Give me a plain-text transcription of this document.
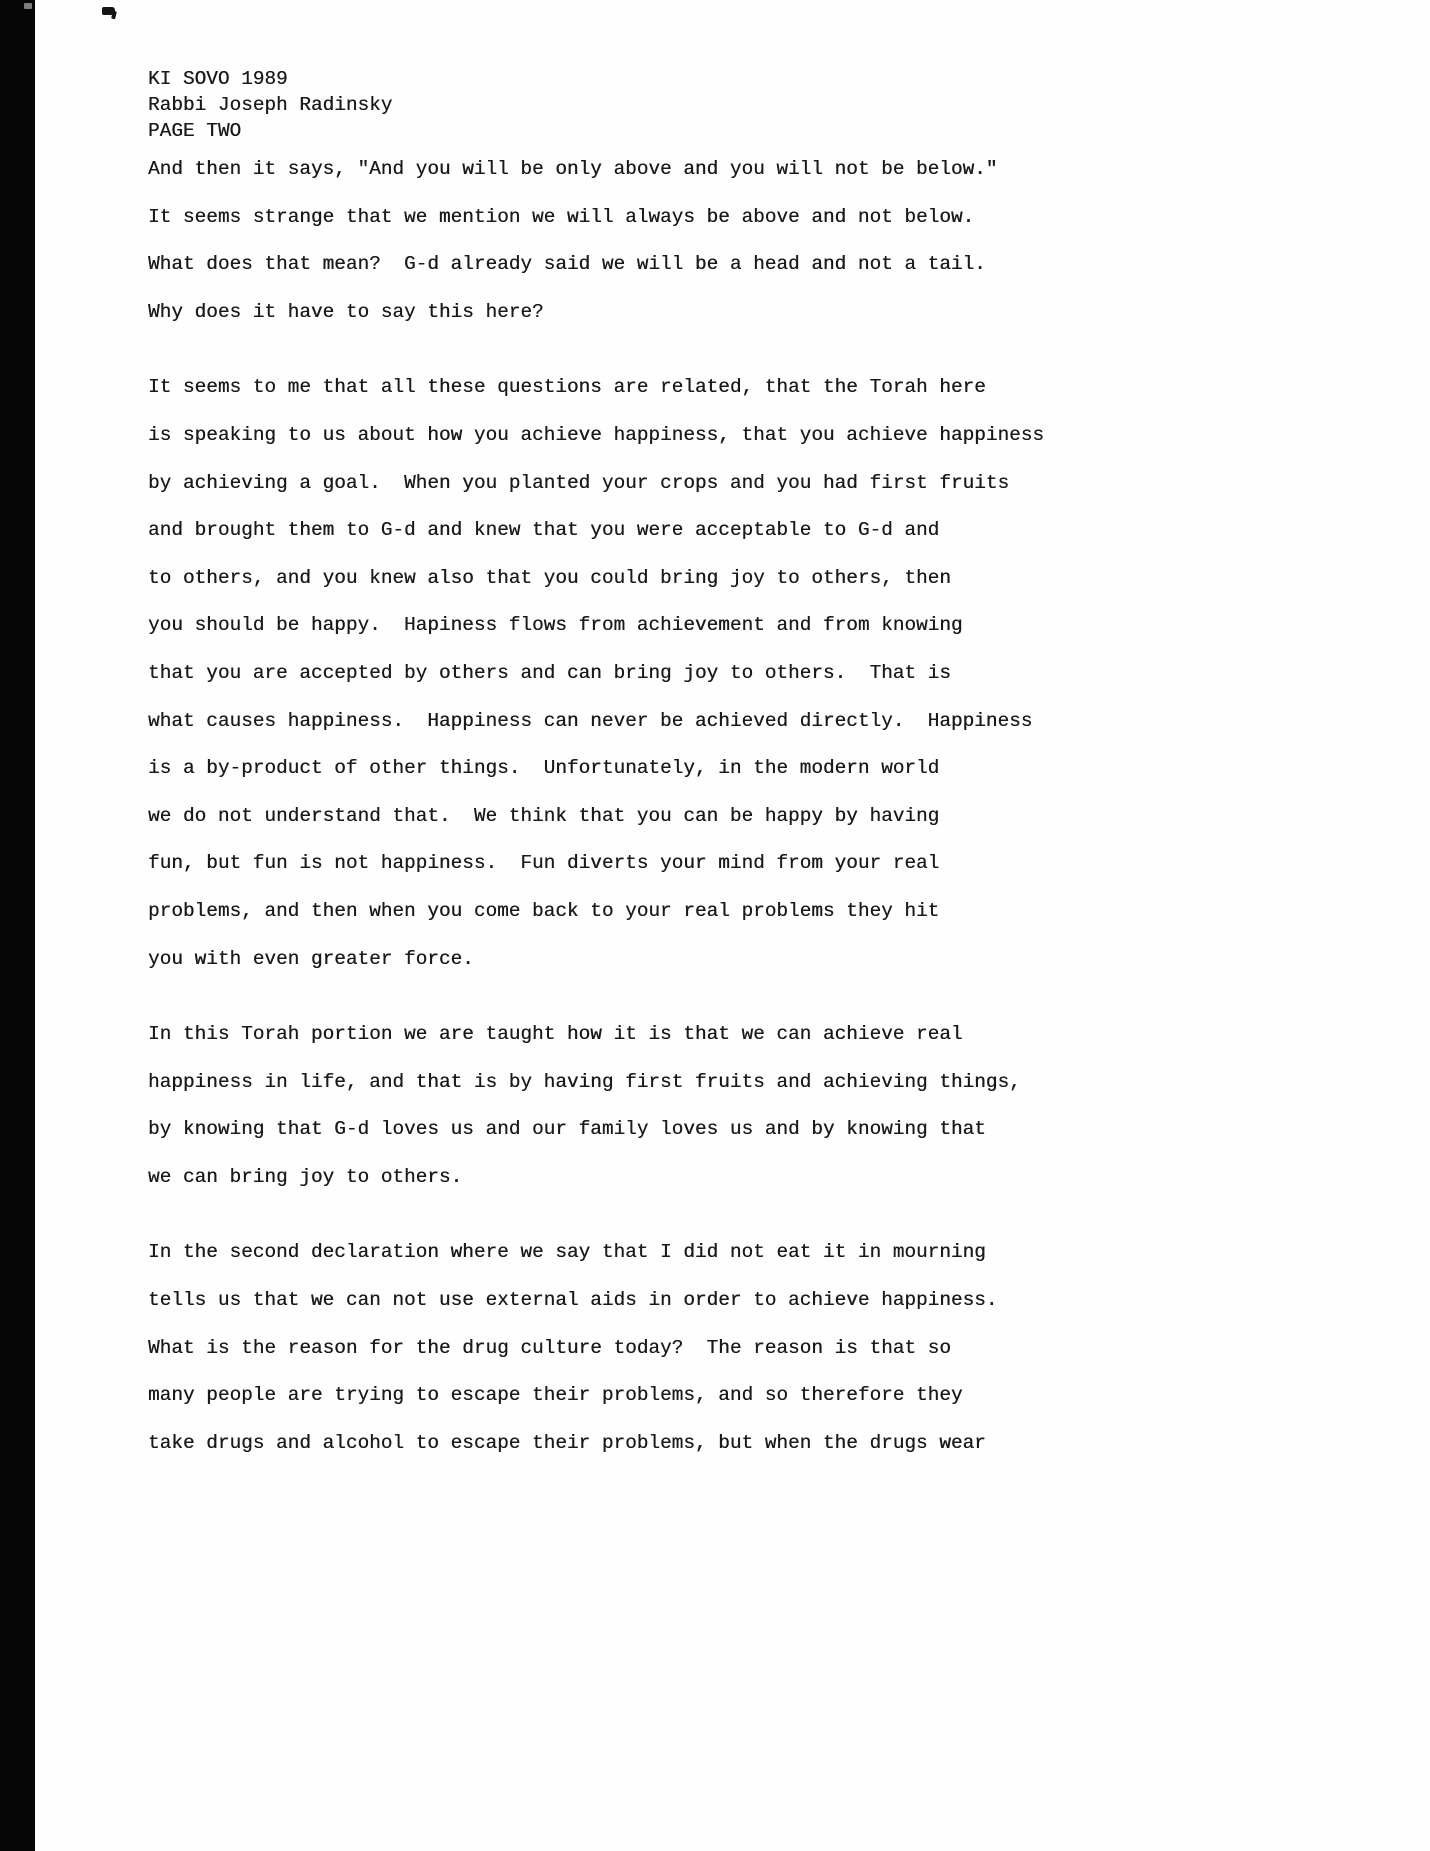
KI SOVO 1989
Rabbi Joseph Radinsky
PAGE TWO
And then it says, "And you will be only above and you will not be below."
It seems strange that we mention we will always be above and not below.
What does that mean?  G-d already said we will be a head and not a tail.
Why does it have to say this here?
It seems to me that all these questions are related, that the Torah here
is speaking to us about how you achieve happiness, that you achieve happiness
by achieving a goal.  When you planted your crops and you had first fruits
and brought them to G-d and knew that you were acceptable to G-d and
to others, and you knew also that you could bring joy to others, then
you should be happy.  Hapiness flows from achievement and from knowing
that you are accepted by others and can bring joy to others.  That is
what causes happiness.  Happiness can never be achieved directly.  Happiness
is a by-product of other things.  Unfortunately, in the modern world
we do not understand that.  We think that you can be happy by having
fun, but fun is not happiness.  Fun diverts your mind from your real
problems, and then when you come back to your real problems they hit
you with even greater force.
In this Torah portion we are taught how it is that we can achieve real
happiness in life, and that is by having first fruits and achieving things,
by knowing that G-d loves us and our family loves us and by knowing that
we can bring joy to others.
In the second declaration where we say that I did not eat it in mourning
tells us that we can not use external aids in order to achieve happiness.
What is the reason for the drug culture today?  The reason is that so
many people are trying to escape their problems, and so therefore they
take drugs and alcohol to escape their problems, but when the drugs wear
